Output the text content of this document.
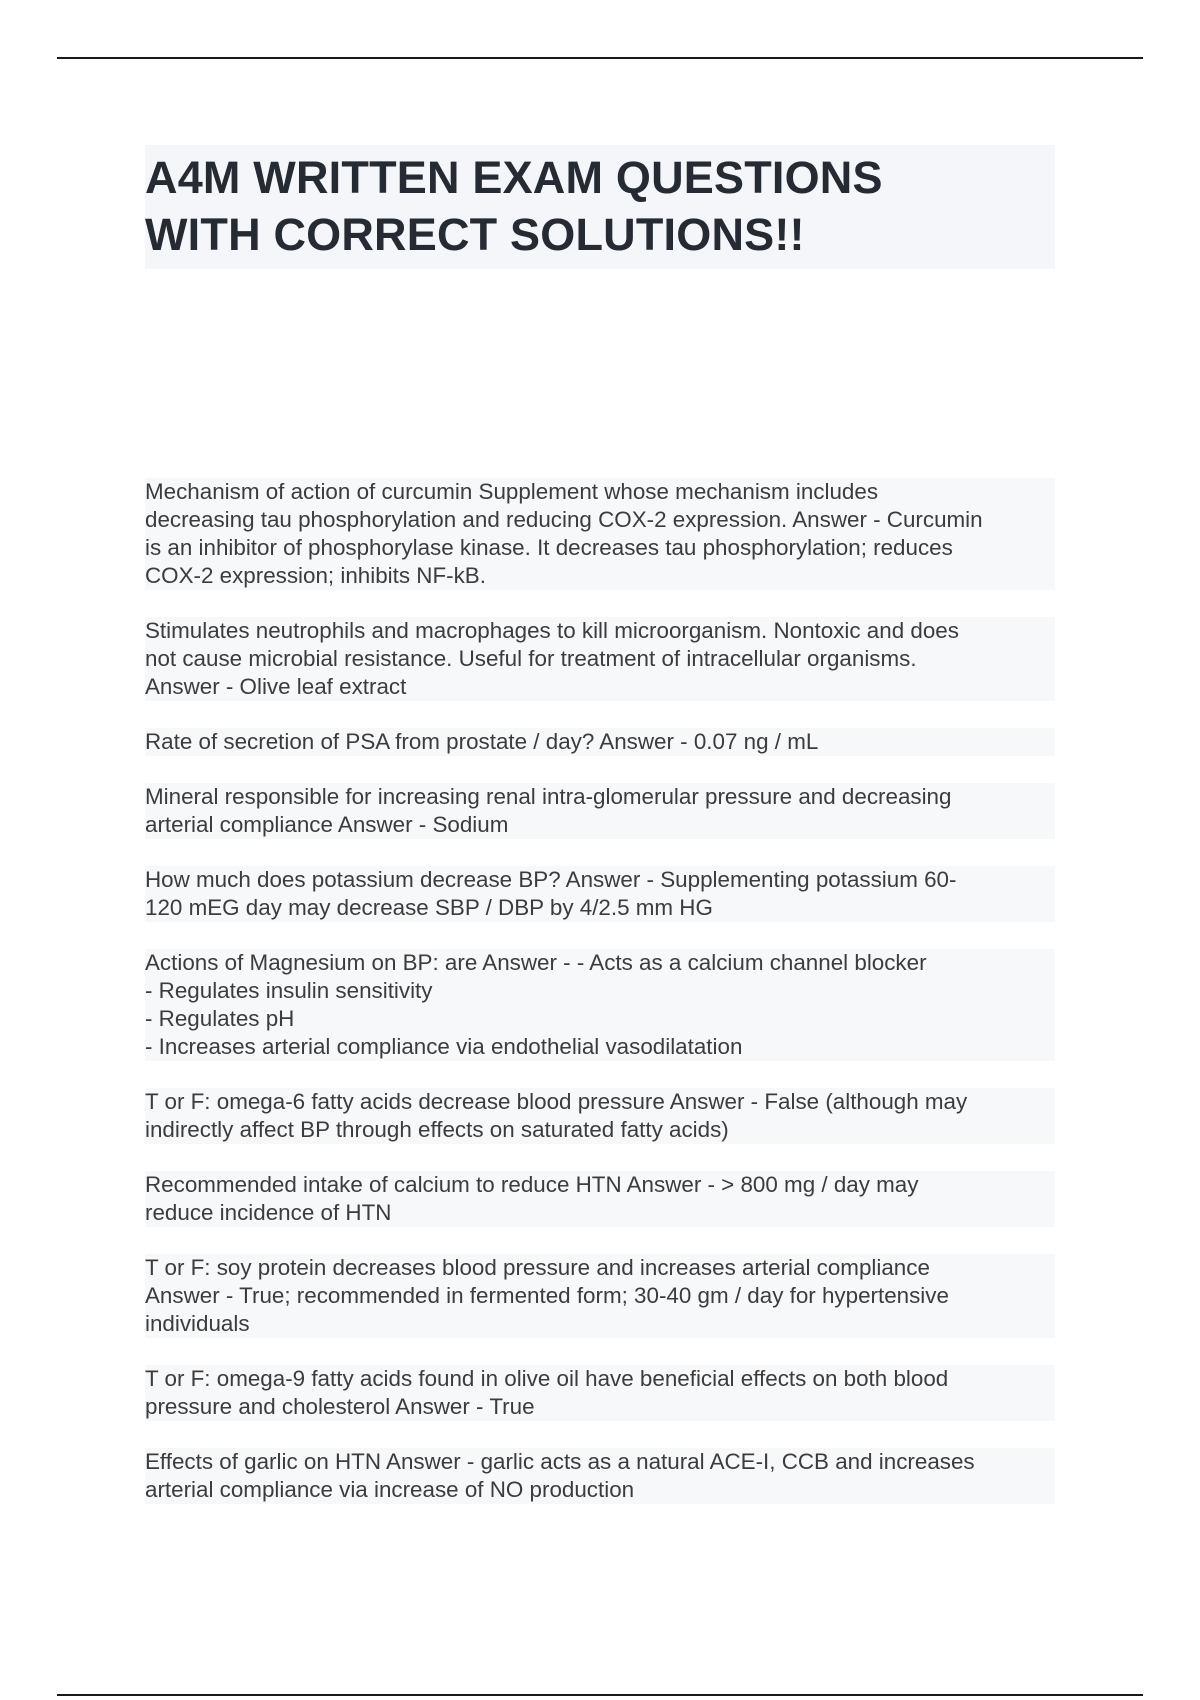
A4M WRITTEN EXAM QUESTIONS
WITH CORRECT SOLUTIONS!!
Mechanism of action of curcumin Supplement whose mechanism includes
decreasing tau phosphorylation and reducing COX-2 expression. Answer - Curcumin
is an inhibitor of phosphorylase kinase. It decreases tau phosphorylation; reduces
COX-2 expression; inhibits NF-kB.
Stimulates neutrophils and macrophages to kill microorganism. Nontoxic and does
not cause microbial resistance. Useful for treatment of intracellular organisms.
Answer - Olive leaf extract
Rate of secretion of PSA from prostate / day? Answer - 0.07 ng / mL
Mineral responsible for increasing renal intra-glomerular pressure and decreasing
arterial compliance Answer - Sodium
How much does potassium decrease BP? Answer - Supplementing potassium 60-
120 mEG day may decrease SBP / DBP by 4/2.5 mm HG
Actions of Magnesium on BP: are Answer - - Acts as a calcium channel blocker
- Regulates insulin sensitivity
- Regulates pH
- Increases arterial compliance via endothelial vasodilatation
T or F: omega-6 fatty acids decrease blood pressure Answer - False (although may
indirectly affect BP through effects on saturated fatty acids)
Recommended intake of calcium to reduce HTN Answer - > 800 mg / day may
reduce incidence of HTN
T or F: soy protein decreases blood pressure and increases arterial compliance
Answer - True; recommended in fermented form; 30-40 gm / day for hypertensive
individuals
T or F: omega-9 fatty acids found in olive oil have beneficial effects on both blood
pressure and cholesterol Answer - True
Effects of garlic on HTN Answer - garlic acts as a natural ACE-I, CCB and increases
arterial compliance via increase of NO production
